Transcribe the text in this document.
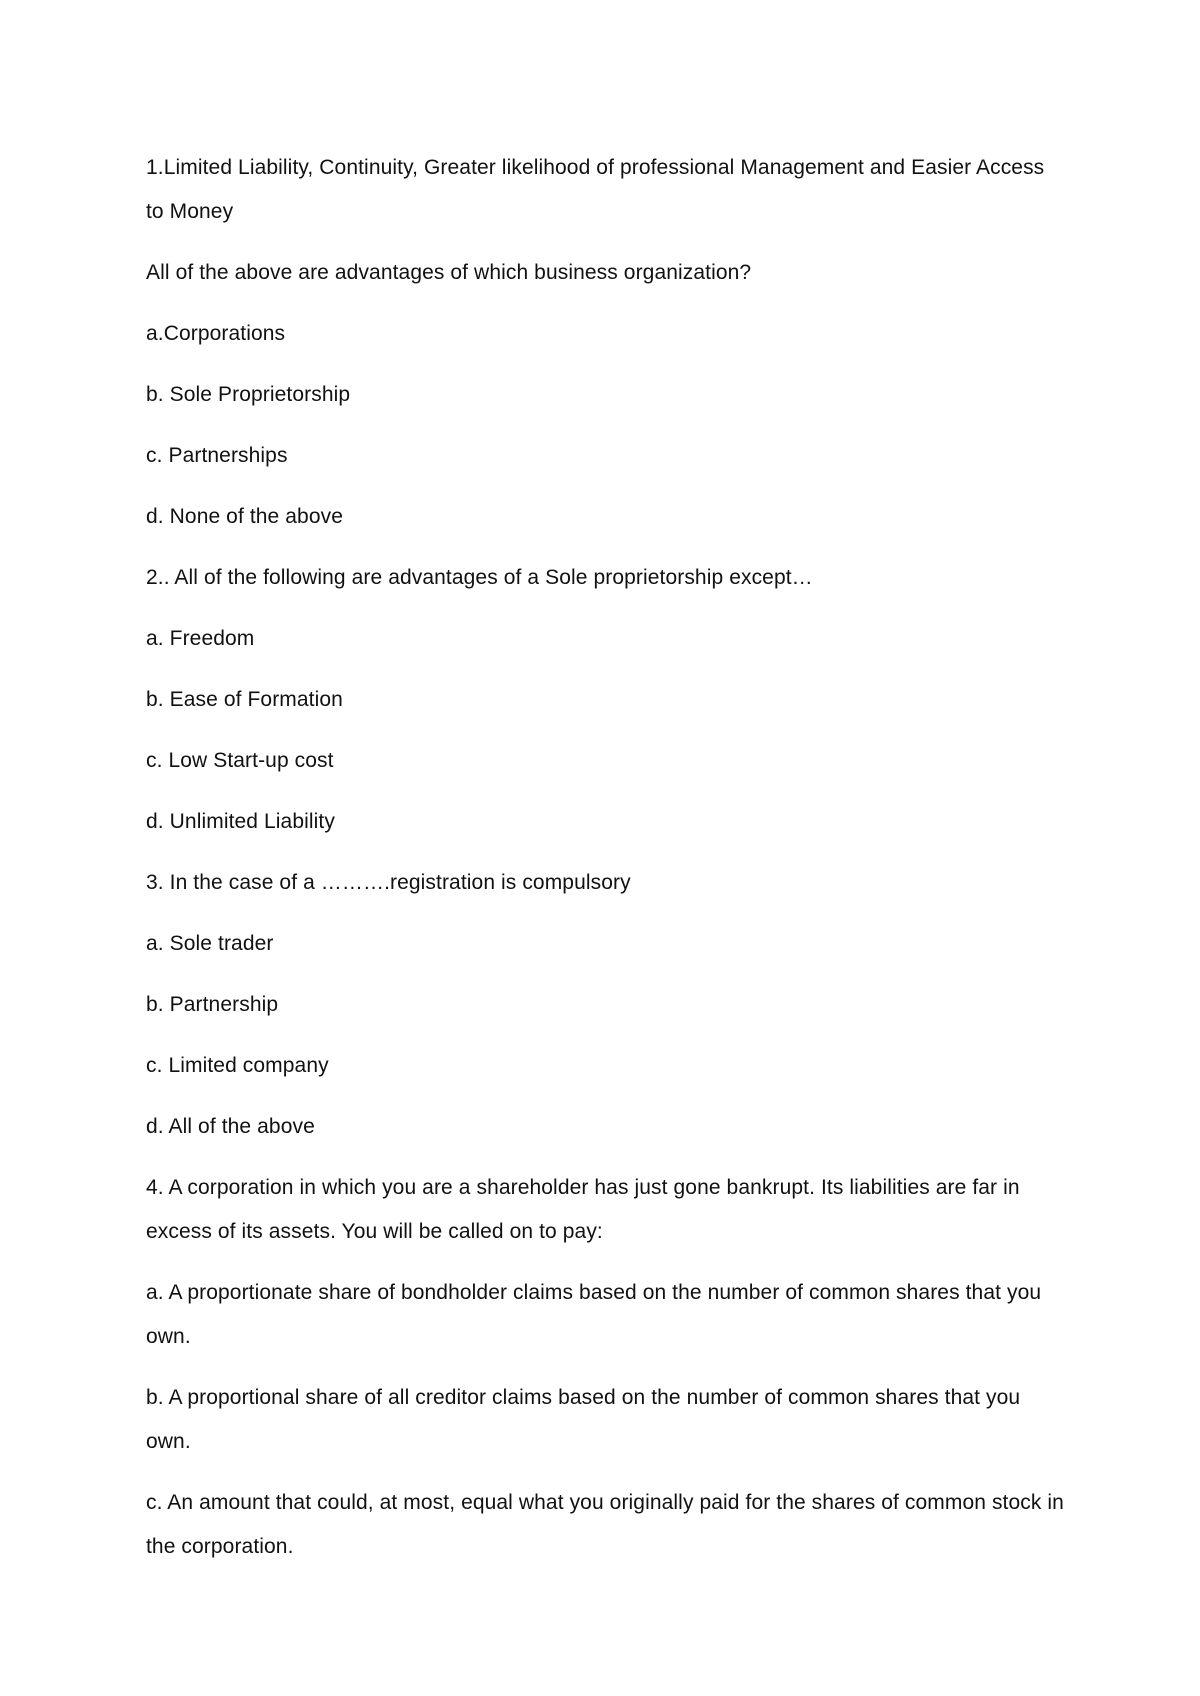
1.Limited Liability, Continuity, Greater likelihood of professional Management and Easier Access to Money

All of the above are advantages of which business organization?

a.Corporations

b. Sole Proprietorship

c. Partnerships

d. None of the above

2.. All of the following are advantages of a Sole proprietorship except…

a. Freedom

b. Ease of Formation

c. Low Start-up cost

d. Unlimited Liability

3. In the case of a ……….registration is compulsory

a. Sole trader

b. Partnership

c. Limited company

d. All of the above

4. A corporation in which you are a shareholder has just gone bankrupt. Its liabilities are far in excess of its assets. You will be called on to pay:

a. A proportionate share of bondholder claims based on the number of common shares that you own.

b. A proportional share of all creditor claims based on the number of common shares that you own.

c. An amount that could, at most, equal what you originally paid for the shares of common stock in the corporation.
